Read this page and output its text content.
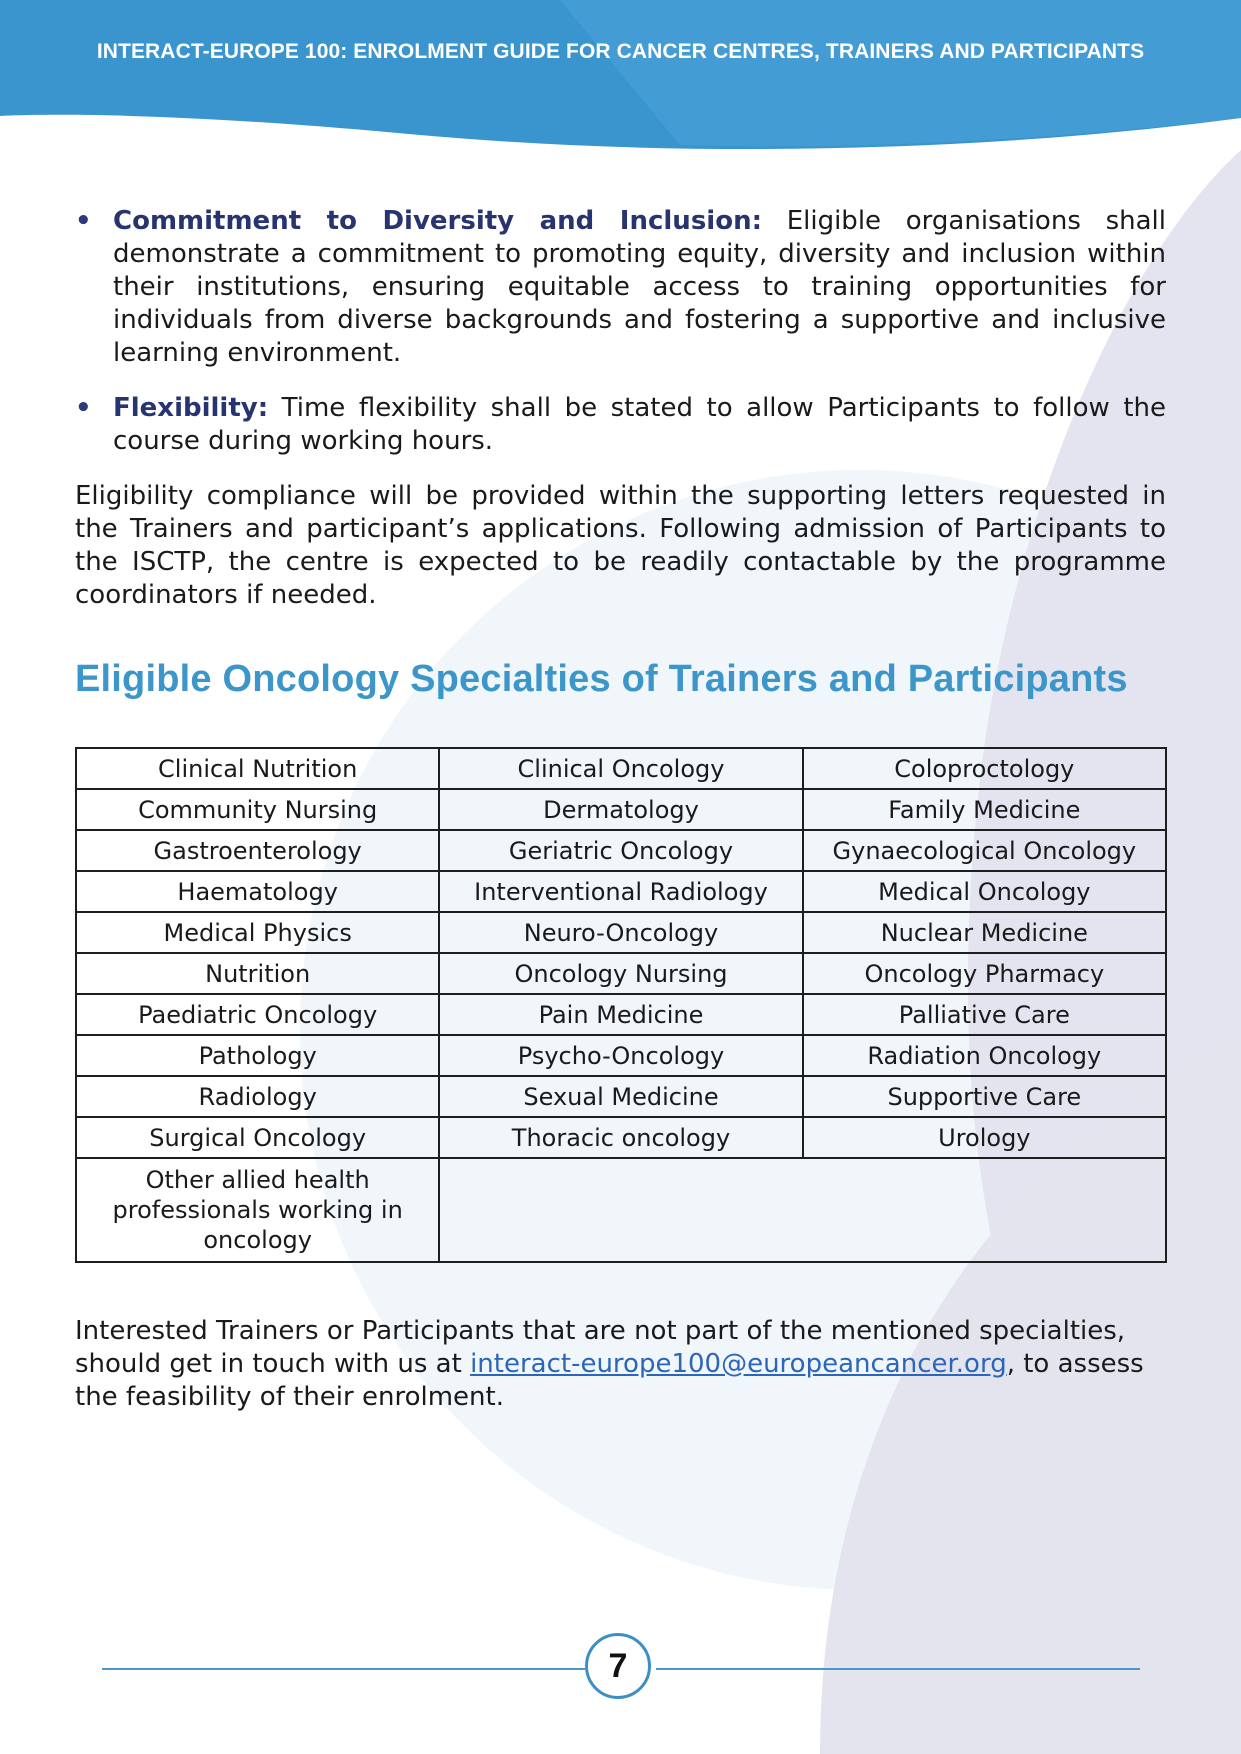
INTERACT-EUROPE 100: ENROLMENT GUIDE FOR CANCER CENTRES, TRAINERS AND PARTICIPANTS
• Commitment to Diversity and Inclusion: Eligible organisations shall demonstrate a commitment to promoting equity, diversity and inclusion within their institutions, ensuring equitable access to training opportunities for individuals from diverse backgrounds and fostering a supportive and inclusive learning environment.
• Flexibility: Time flexibility shall be stated to allow Participants to follow the course during working hours.

Eligibility compliance will be provided within the supporting letters requested in the Trainers and participant’s applications. Following admission of Participants to the ISCTP, the centre is expected to be readily contactable by the programme coordinators if needed.

Eligible Oncology Specialties of Trainers and Participants
Clinical Nutrition	Clinical Oncology	Coloproctology
Community Nursing	Dermatology	Family Medicine
Gastroenterology	Geriatric Oncology	Gynaecological Oncology
Haematology	Interventional Radiology	Medical Oncology
Medical Physics	Neuro-Oncology	Nuclear Medicine
Nutrition	Oncology Nursing	Oncology Pharmacy
Paediatric Oncology	Pain Medicine	Palliative Care
Pathology	Psycho-Oncology	Radiation Oncology
Radiology	Sexual Medicine	Supportive Care
Surgical Oncology	Thoracic oncology	Urology
Other allied health
professionals working in
oncology		

Interested Trainers or Participants that are not part of the mentioned specialties, should get in touch with us at interact-europe100@europeancancer.org, to assess the feasibility of their enrolment.

7
